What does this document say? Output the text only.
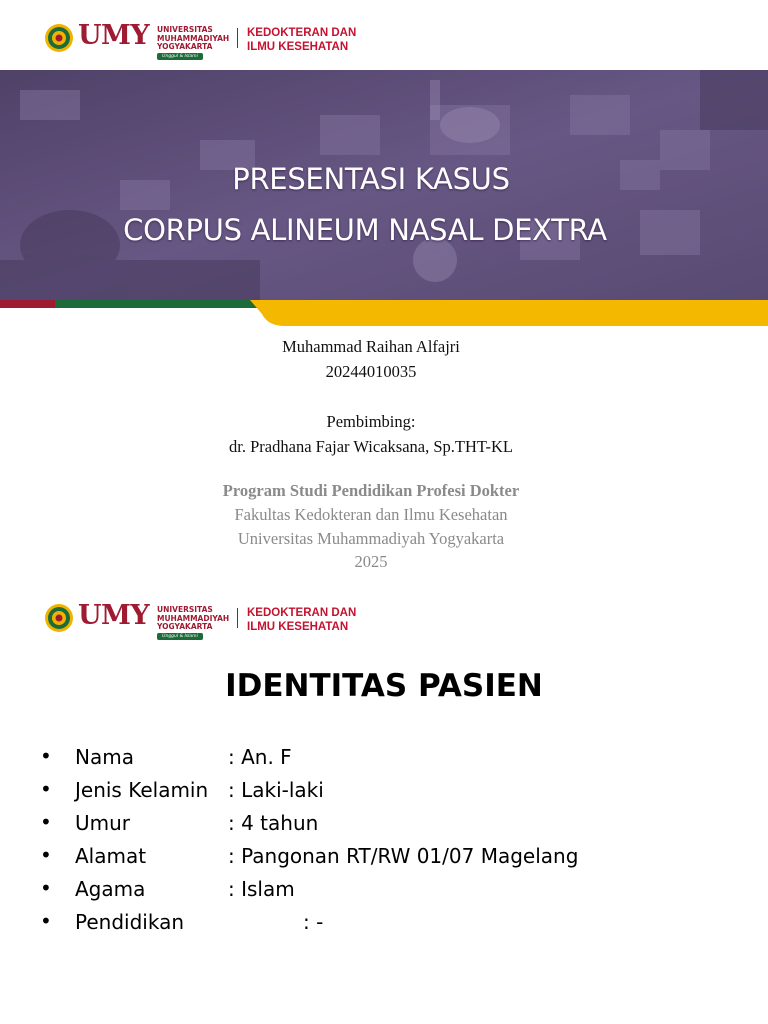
UMY UNIVERSITAS
MUHAMMADIYAH
YOGYAKARTA
Unggul & Islami
KEDOKTERAN DAN
ILMU KESEHATAN
PRESENTASI KASUS
CORPUS ALINEUM NASAL DEXTRA
Muhammad Raihan Alfajri
20244010035
Pembimbing:
dr. Pradhana Fajar Wicaksana, Sp.THT-KL
Program Studi Pendidikan Profesi Dokter
Fakultas Kedokteran dan Ilmu Kesehatan
Universitas Muhammadiyah Yogyakarta
2025
UMY UNIVERSITAS
MUHAMMADIYAH
YOGYAKARTA
Unggul & Islami
KEDOKTERAN DAN
ILMU KESEHATAN
IDENTITAS PASIEN
• Nama	: An. F
• Jenis Kelamin : Laki-laki
• Umur	: 4 tahun
• Alamat	: Pangonan RT/RW 01/07 Magelang
• Agama	: Islam
• Pendidikan	: -
